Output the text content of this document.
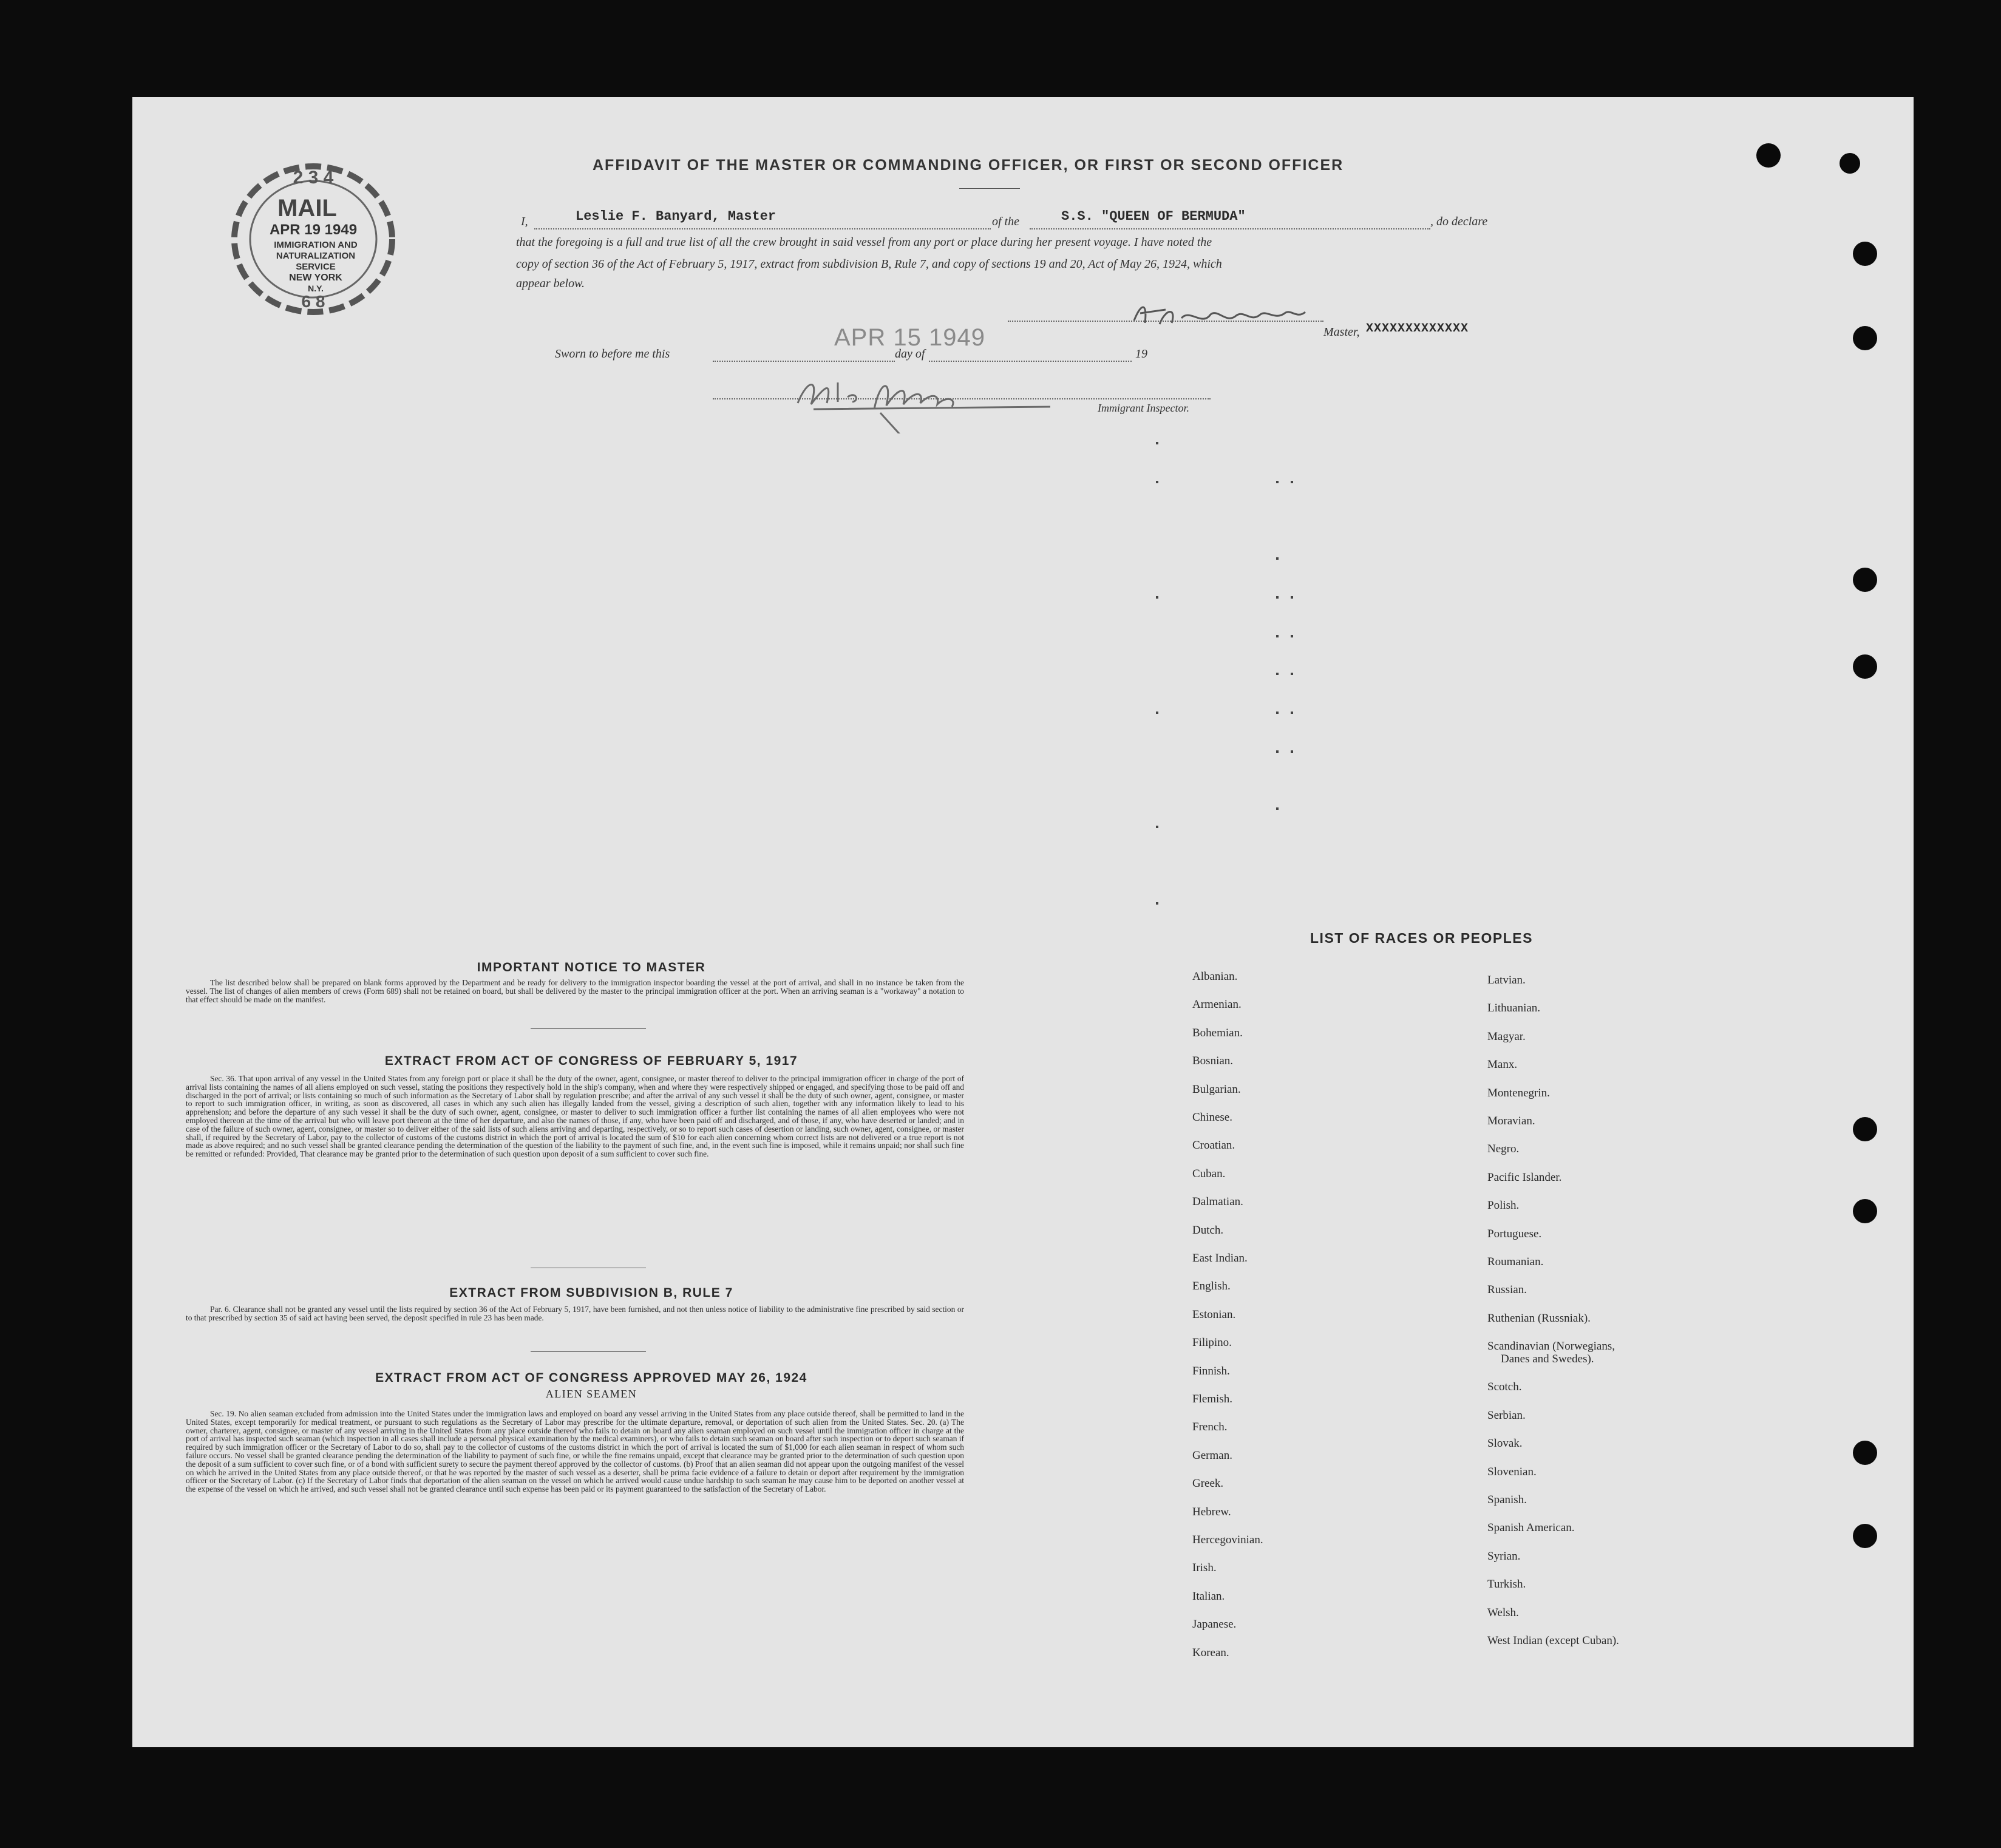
AFFIDAVIT OF THE MASTER OR COMMANDING OFFICER, OR FIRST OR SECOND OFFICER
2 3 4
MAIL
APR 19 1949
IMMIGRATION AND
NATURALIZATION
SERVICE
NEW YORK
N.Y.
6 8
I,	Leslie F. Banyard, Master	of the	S.S. "QUEEN OF BERMUDA"	, do declare
that the foregoing is a full and true list of all the crew brought in said vessel from any port or place during her present voyage. I have noted the
copy of section 36 of the Act of February 5, 1917, extract from subdivision B, Rule 7, and copy of sections 19 and 20, Act of May 26, 1924, which
appear below.
Master, XXXXXXXXXXXXX
Sworn to before me this
APR 15 1949
day of	19
Immigrant Inspector.
IMPORTANT NOTICE TO MASTER
The list described below shall be prepared on blank forms approved by the Department and be ready for delivery to the immigration inspector boarding the vessel at the port of arrival, and shall in no instance be taken from the vessel. The list of changes of alien members of crews (Form 689) shall not be retained on board, but shall be delivered by the master to the principal immigration officer at the port. When an arriving seaman is a "workaway" a notation to that effect should be made on the manifest.
EXTRACT FROM ACT OF CONGRESS OF FEBRUARY 5, 1917
Sec. 36. That upon arrival of any vessel in the United States from any foreign port or place it shall be the duty of the owner, agent, consignee, or master thereof to deliver to the principal immigration officer in charge of the port of arrival lists containing the names of all aliens employed on such vessel, stating the positions they respectively hold in the ship's company, when and where they were respectively shipped or engaged, and specifying those to be paid off and discharged in the port of arrival; or lists containing so much of such information as the Secretary of Labor shall by regulation prescribe; and after the arrival of any such vessel it shall be the duty of such owner, agent, consignee, or master to report to such immigration officer, in writing, as soon as discovered, all cases in which any such alien has illegally landed from the vessel, giving a description of such alien, together with any information likely to lead to his apprehension; and before the departure of any such vessel it shall be the duty of such owner, agent, consignee, or master to deliver to such immigration officer a further list containing the names of all alien employees who were not employed thereon at the time of the arrival but who will leave port thereon at the time of her departure, and also the names of those, if any, who have been paid off and discharged, and of those, if any, who have deserted or landed; and in case of the failure of such owner, agent, consignee, or master so to deliver either of the said lists of such aliens arriving and departing, respectively, or so to report such cases of desertion or landing, such owner, agent, consignee, or master shall, if required by the Secretary of Labor, pay to the collector of customs of the customs district in which the port of arrival is located the sum of $10 for each alien concerning whom correct lists are not delivered or a true report is not made as above required; and no such vessel shall be granted clearance pending the determination of the question of the liability to the payment of such fine, and, in the event such fine is imposed, while it remains unpaid; nor shall such fine be remitted or refunded: Provided, That clearance may be granted prior to the determination of such question upon deposit of a sum sufficient to cover such fine.
EXTRACT FROM SUBDIVISION B, RULE 7
Par. 6. Clearance shall not be granted any vessel until the lists required by section 36 of the Act of February 5, 1917, have been furnished, and not then unless notice of liability to the administrative fine prescribed by said section or to that prescribed by section 35 of said act having been served, the deposit specified in rule 23 has been made.
EXTRACT FROM ACT OF CONGRESS APPROVED MAY 26, 1924
ALIEN SEAMEN
Sec. 19. No alien seaman excluded from admission into the United States under the immigration laws and employed on board any vessel arriving in the United States from any place outside thereof, shall be permitted to land in the United States, except temporarily for medical treatment, or pursuant to such regulations as the Secretary of Labor may prescribe for the ultimate departure, removal, or deportation of such alien from the United States. Sec. 20. (a) The owner, charterer, agent, consignee, or master of any vessel arriving in the United States from any place outside thereof who fails to detain on board any alien seaman employed on such vessel until the immigration officer in charge at the port of arrival has inspected such seaman (which inspection in all cases shall include a personal physical examination by the medical examiners), or who fails to detain such seaman on board after such inspection or to deport such seaman if required by such immigration officer or the Secretary of Labor to do so, shall pay to the collector of customs of the customs district in which the port of arrival is located the sum of $1,000 for each alien seaman in respect of whom such failure occurs. No vessel shall be granted clearance pending the determination of the liability to payment of such fine, or while the fine remains unpaid, except that clearance may be granted prior to the determination of such question upon the deposit of a sum sufficient to cover such fine, or of a bond with sufficient surety to secure the payment thereof approved by the collector of customs. (b) Proof that an alien seaman did not appear upon the outgoing manifest of the vessel on which he arrived in the United States from any place outside thereof, or that he was reported by the master of such vessel as a deserter, shall be prima facie evidence of a failure to detain or deport after requirement by the immigration officer or the Secretary of Labor. (c) If the Secretary of Labor finds that deportation of the alien seaman on the vessel on which he arrived would cause undue hardship to such seaman he may cause him to be deported on another vessel at the expense of the vessel on which he arrived, and such vessel shall not be granted clearance until such expense has been paid or its payment guaranteed to the satisfaction of the Secretary of Labor.
LIST OF RACES OR PEOPLES
Albanian.
Armenian.
Bohemian.
Bosnian.
Bulgarian.
Chinese.
Croatian.
Cuban.
Dalmatian.
Dutch.
East Indian.
English.
Estonian.
Filipino.
Finnish.
Flemish.
French.
German.
Greek.
Hebrew.
Hercegovinian.
Irish.
Italian.
Japanese.
Korean.
Latvian.
Lithuanian.
Magyar.
Manx.
Montenegrin.
Moravian.
Negro.
Pacific Islander.
Polish.
Portuguese.
Roumanian.
Russian.
Ruthenian (Russniak).
Scandinavian (Norwegians,
Danes and Swedes).
Scotch.
Serbian.
Slovak.
Slovenian.
Spanish.
Spanish American.
Syrian.
Turkish.
Welsh.
West Indian (except Cuban).
